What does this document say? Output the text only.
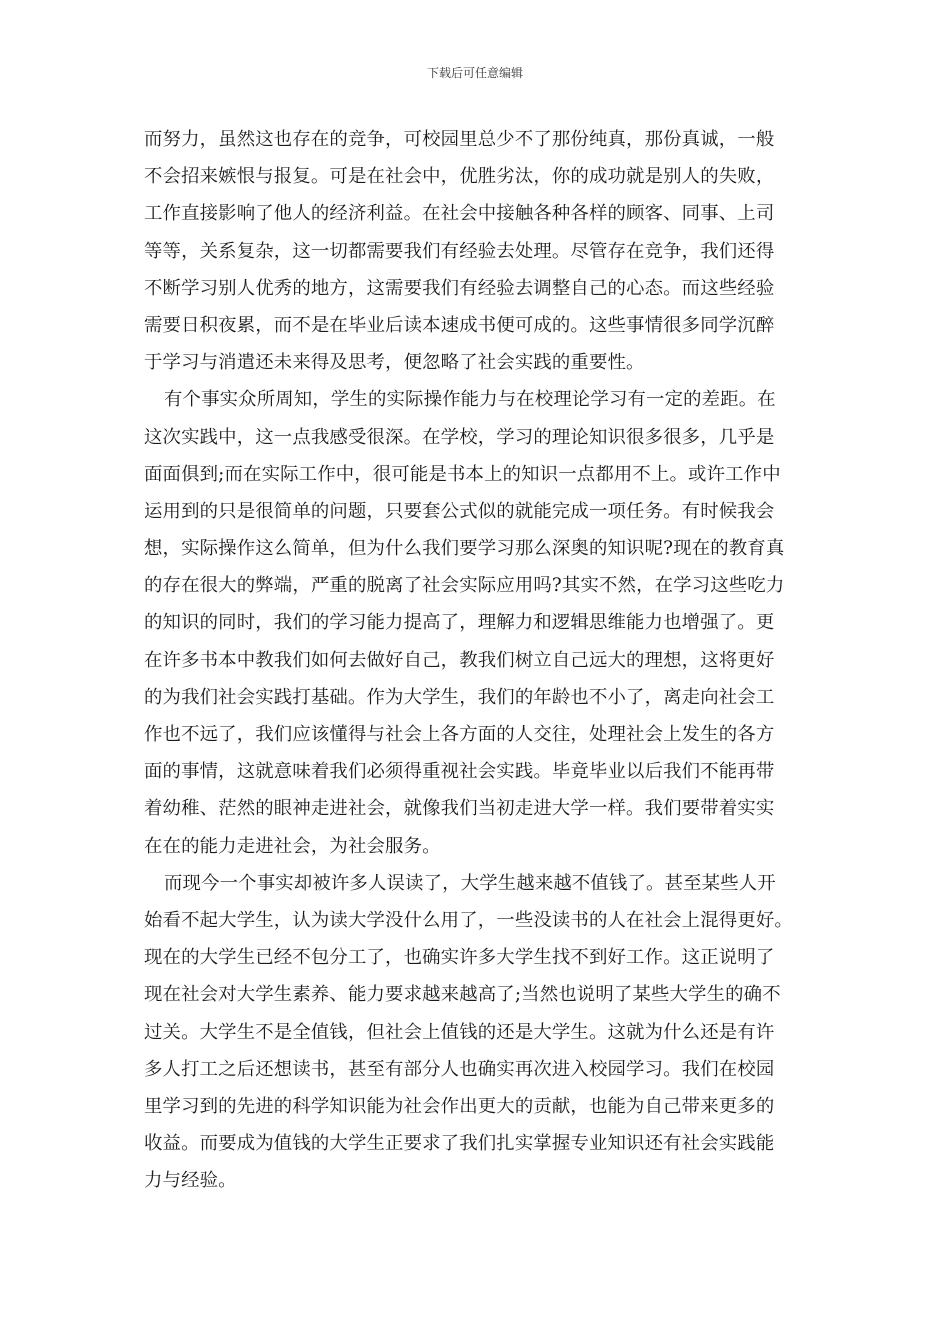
下载后可任意编辑
而努力，虽然这也存在的竞争，可校园里总少不了那份纯真，那份真诚，一般
不会招来嫉恨与报复。可是在社会中，优胜劣汰，你的成功就是别人的失败，
工作直接影响了他人的经济利益。在社会中接触各种各样的顾客、同事、上司
等等，关系复杂，这一切都需要我们有经验去处理。尽管存在竞争，我们还得
不断学习别人优秀的地方，这需要我们有经验去调整自己的心态。而这些经验
需要日积夜累，而不是在毕业后读本速成书便可成的。这些事情很多同学沉醉
于学习与消遣还未来得及思考，便忽略了社会实践的重要性。
有个事实众所周知，学生的实际操作能力与在校理论学习有一定的差距。在
这次实践中，这一点我感受很深。在学校，学习的理论知识很多很多，几乎是
面面俱到;而在实际工作中，很可能是书本上的知识一点都用不上。或许工作中
运用到的只是很简单的问题，只要套公式似的就能完成一项任务。有时候我会
想，实际操作这么简单，但为什么我们要学习那么深奥的知识呢?现在的教育真
的存在很大的弊端，严重的脱离了社会实际应用吗?其实不然，在学习这些吃力
的知识的同时，我们的学习能力提高了，理解力和逻辑思维能力也增强了。更
在许多书本中教我们如何去做好自己，教我们树立自己远大的理想，这将更好
的为我们社会实践打基础。作为大学生，我们的年龄也不小了，离走向社会工
作也不远了，我们应该懂得与社会上各方面的人交往，处理社会上发生的各方
面的事情，这就意味着我们必须得重视社会实践。毕竟毕业以后我们不能再带
着幼稚、茫然的眼神走进社会，就像我们当初走进大学一样。我们要带着实实
在在的能力走进社会，为社会服务。
而现今一个事实却被许多人误读了，大学生越来越不值钱了。甚至某些人开
始看不起大学生，认为读大学没什么用了，一些没读书的人在社会上混得更好。
现在的大学生已经不包分工了，也确实许多大学生找不到好工作。这正说明了
现在社会对大学生素养、能力要求越来越高了;当然也说明了某些大学生的确不
过关。大学生不是全值钱，但社会上值钱的还是大学生。这就为什么还是有许
多人打工之后还想读书，甚至有部分人也确实再次进入校园学习。我们在校园
里学习到的先进的科学知识能为社会作出更大的贡献，也能为自己带来更多的
收益。而要成为值钱的大学生正要求了我们扎实掌握专业知识还有社会实践能
力与经验。
